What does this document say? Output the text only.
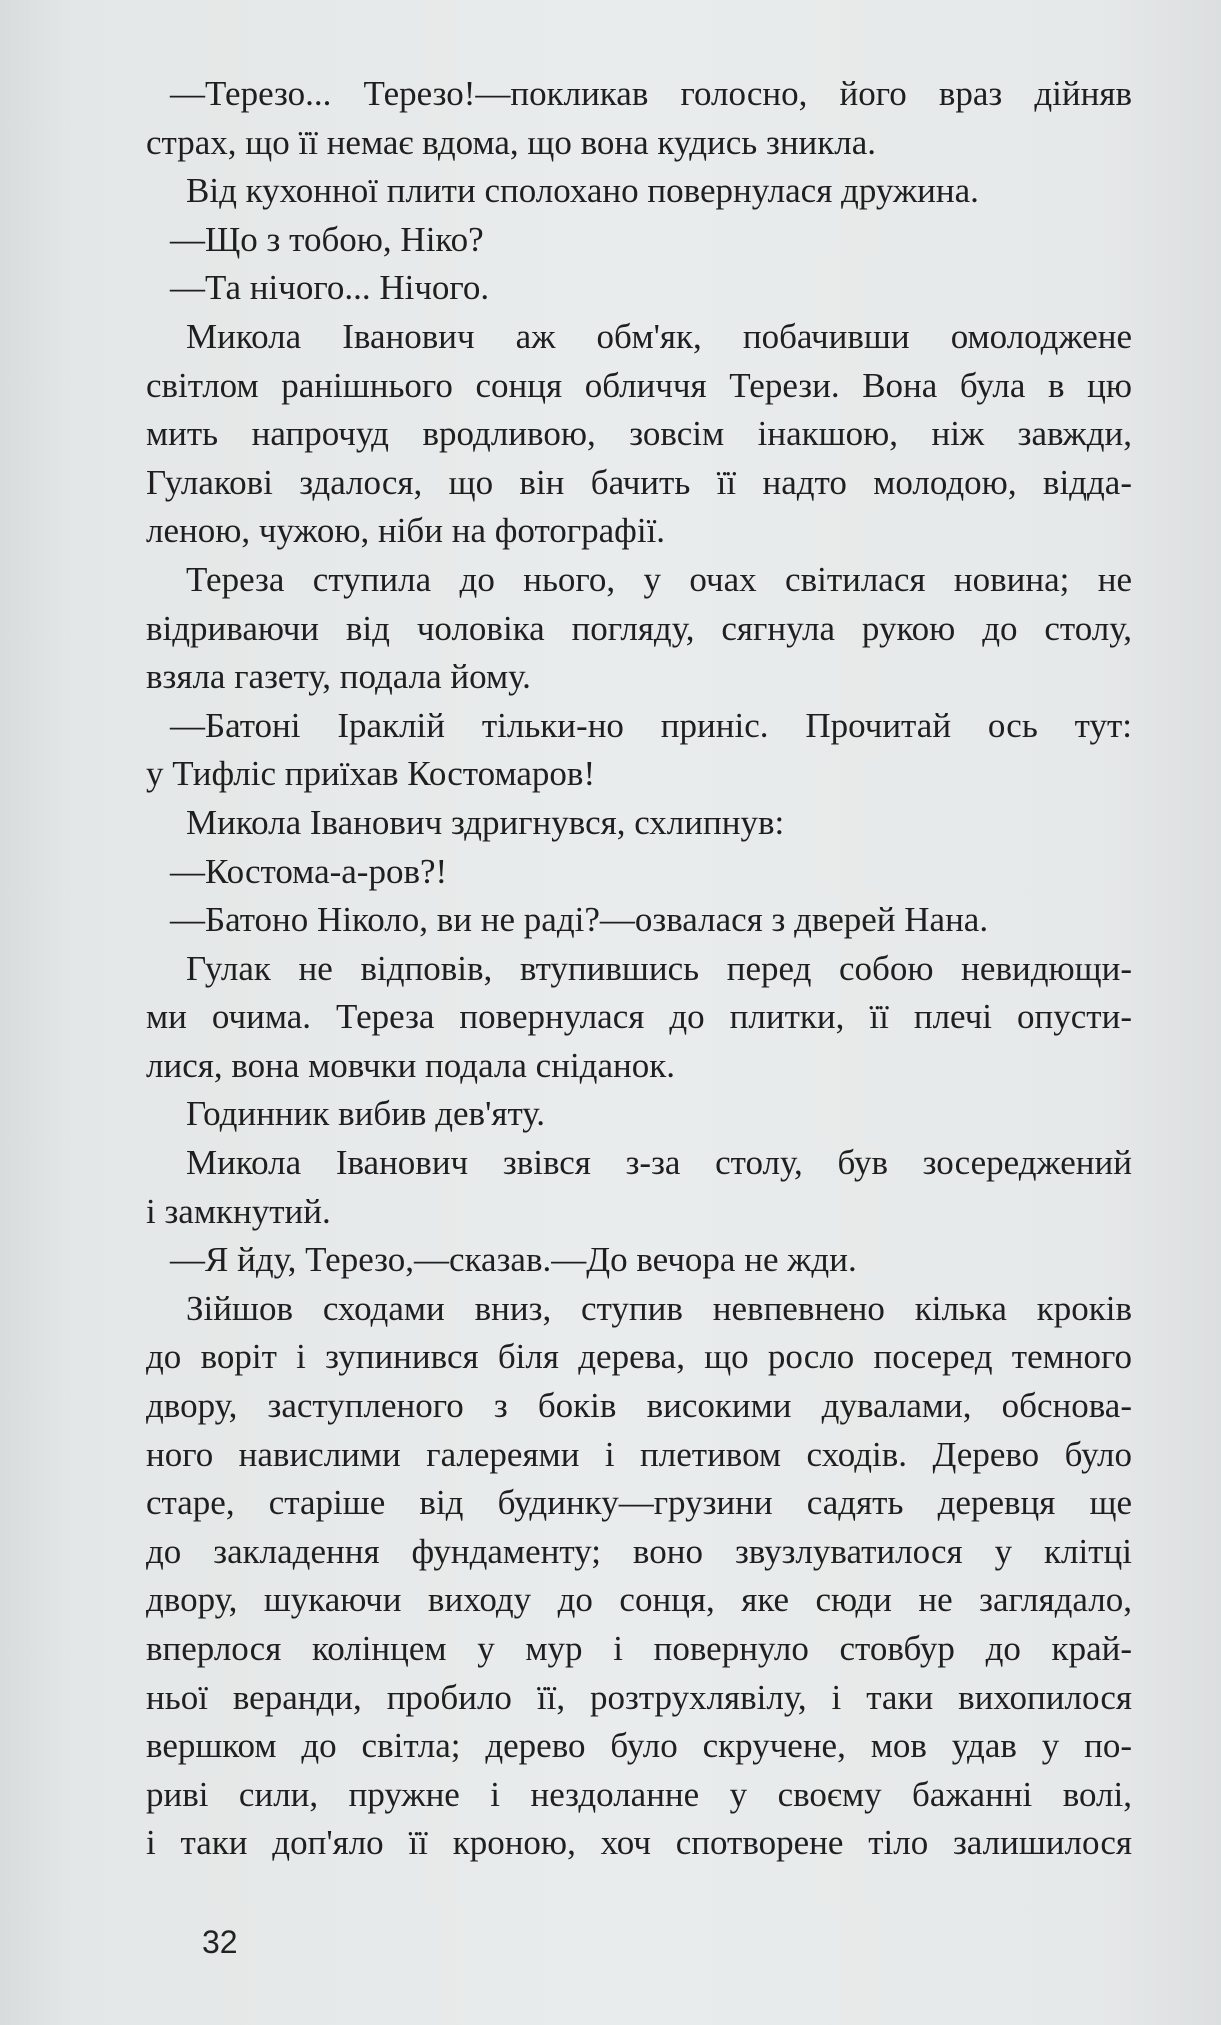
—Терезо... Терезо!—покликав голосно, його враз дійняв
страх, що її немає вдома, що вона кудись зникла.
Від кухонної плити сполохано повернулася дружина.
—Що з тобою, Ніко?
—Та нічого... Нічого.
Микола Іванович аж обм'як, побачивши омолоджене
світлом ранішнього сонця обличчя Терези. Вона була в цю
мить напрочуд вродливою, зовсім інакшою, ніж завжди,
Гулакові здалося, що він бачить її надто молодою, відда-
леною, чужою, ніби на фотографії.
Тереза ступила до нього, у очах світилася новина; не
відриваючи від чоловіка погляду, сягнула рукою до столу,
взяла газету, подала йому.
—Батоні Іраклій тільки-но приніс. Прочитай ось тут:
у Тифліс приїхав Костомаров!
Микола Іванович здригнувся, схлипнув:
—Костома-а-ров?!
—Батоно Ніколо, ви не раді?—озвалася з дверей Нана.
Гулак не відповів, втупившись перед собою невидющи-
ми очима. Тереза повернулася до плитки, її плечі опусти-
лися, вона мовчки подала сніданок.
Годинник вибив дев'яту.
Микола Іванович звівся з-за столу, був зосереджений
і замкнутий.
—Я йду, Терезо,—сказав.—До вечора не жди.
Зійшов сходами вниз, ступив невпевнено кілька кроків
до воріт і зупинився біля дерева, що росло посеред темного
двору, заступленого з боків високими дувалами, обснова-
ного навислими галереями і плетивом сходів. Дерево було
старе, старіше від будинку—грузини садять деревця ще
до закладення фундаменту; воно звузлуватилося у клітці
двору, шукаючи виходу до сонця, яке сюди не заглядало,
вперлося колінцем у мур і повернуло стовбур до край-
ньої веранди, пробило її, розтрухлявілу, і таки вихопилося
вершком до світла; дерево було скручене, мов удав у по-
риві сили, пружне і нездоланне у своєму бажанні волі,
і таки доп'яло її кроною, хоч спотворене тіло залишилося
32
